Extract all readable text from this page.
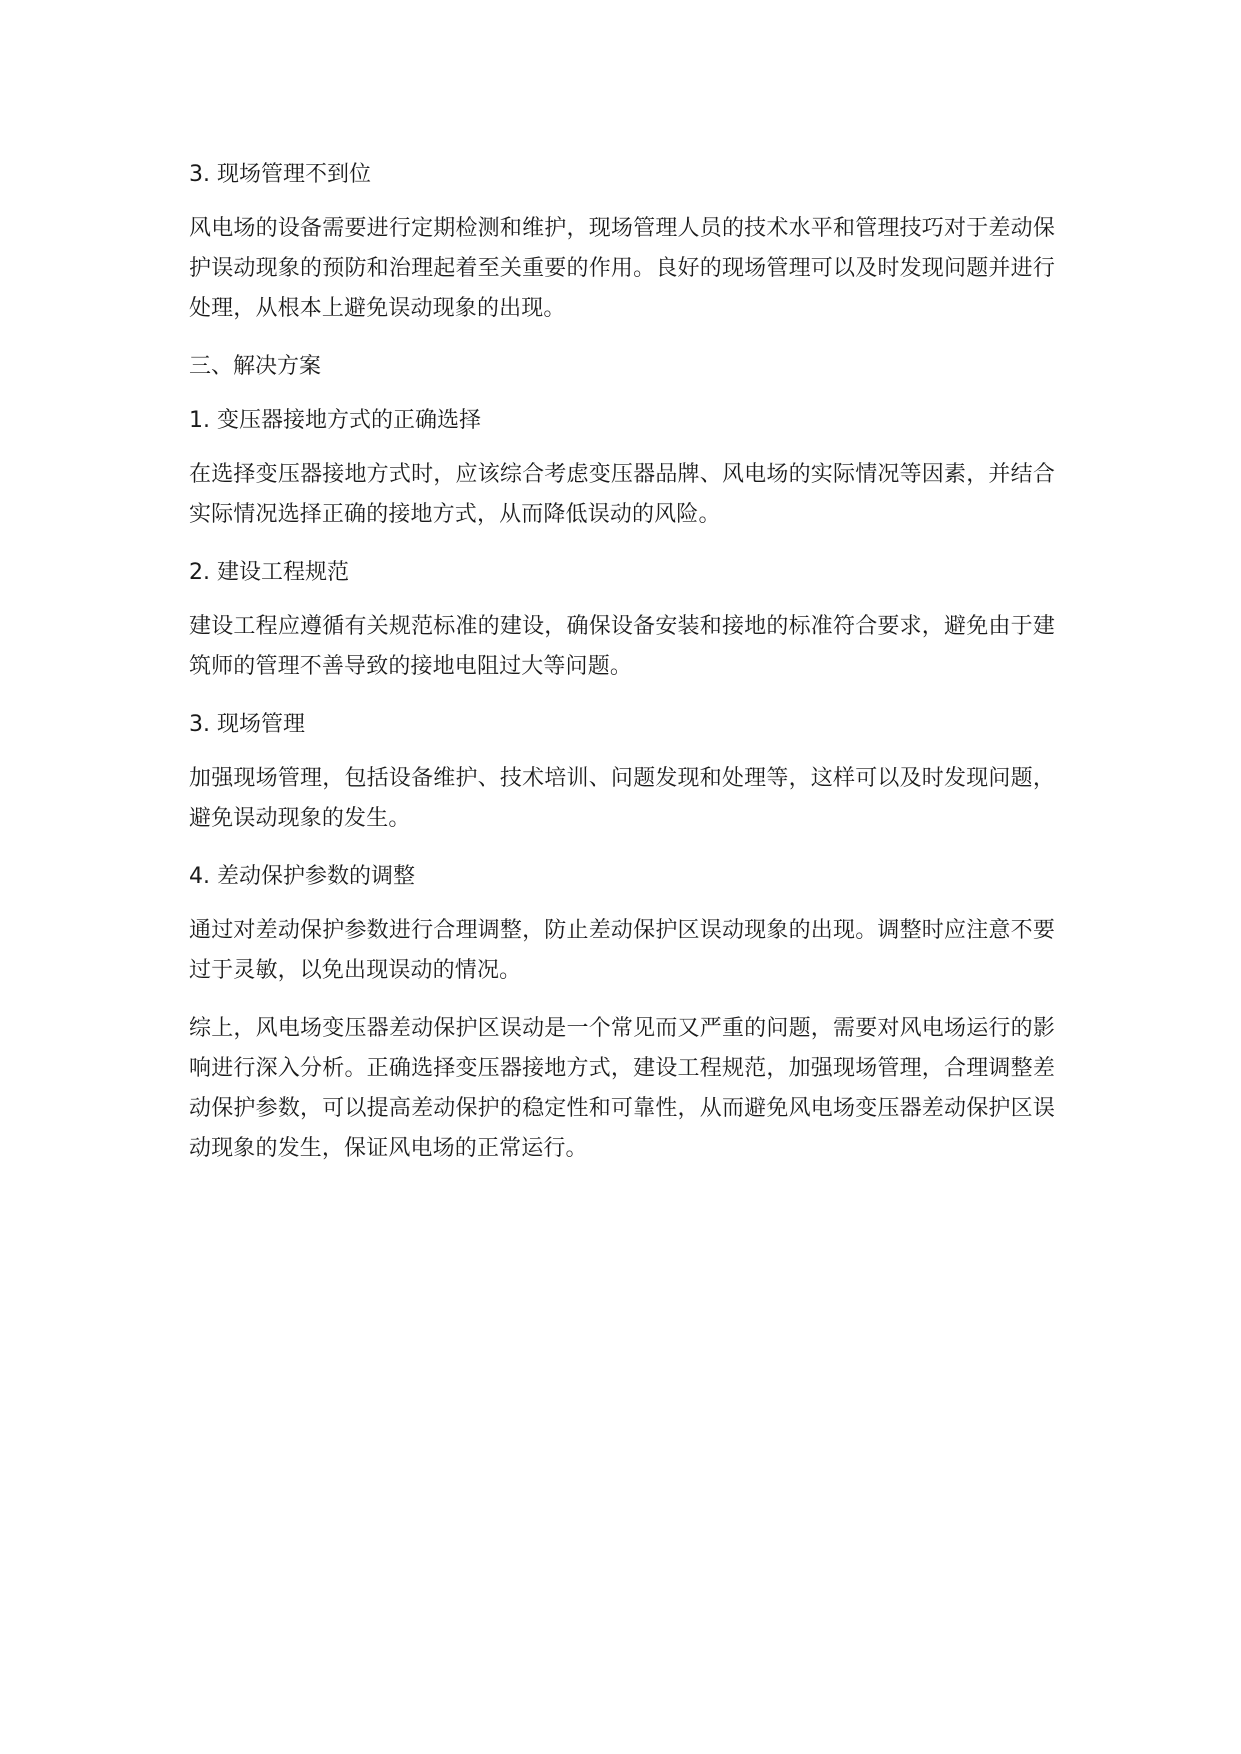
3. 现场管理不到位
风电场的设备需要进行定期检测和维护，现场管理人员的技术水平和管理技巧对于差动保护误动现象的预防和治理起着至关重要的作用。良好的现场管理可以及时发现问题并进行处理，从根本上避免误动现象的出现。
三、解决方案
1. 变压器接地方式的正确选择
在选择变压器接地方式时，应该综合考虑变压器品牌、风电场的实际情况等因素，并结合实际情况选择正确的接地方式，从而降低误动的风险。
2. 建设工程规范
建设工程应遵循有关规范标准的建设，确保设备安装和接地的标准符合要求，避免由于建筑师的管理不善导致的接地电阻过大等问题。
3. 现场管理
加强现场管理，包括设备维护、技术培训、问题发现和处理等，这样可以及时发现问题，避免误动现象的发生。
4. 差动保护参数的调整
通过对差动保护参数进行合理调整，防止差动保护区误动现象的出现。调整时应注意不要过于灵敏，以免出现误动的情况。
综上，风电场变压器差动保护区误动是一个常见而又严重的问题，需要对风电场运行的影响进行深入分析。正确选择变压器接地方式，建设工程规范，加强现场管理，合理调整差动保护参数，可以提高差动保护的稳定性和可靠性，从而避免风电场变压器差动保护区误动现象的发生，保证风电场的正常运行。
